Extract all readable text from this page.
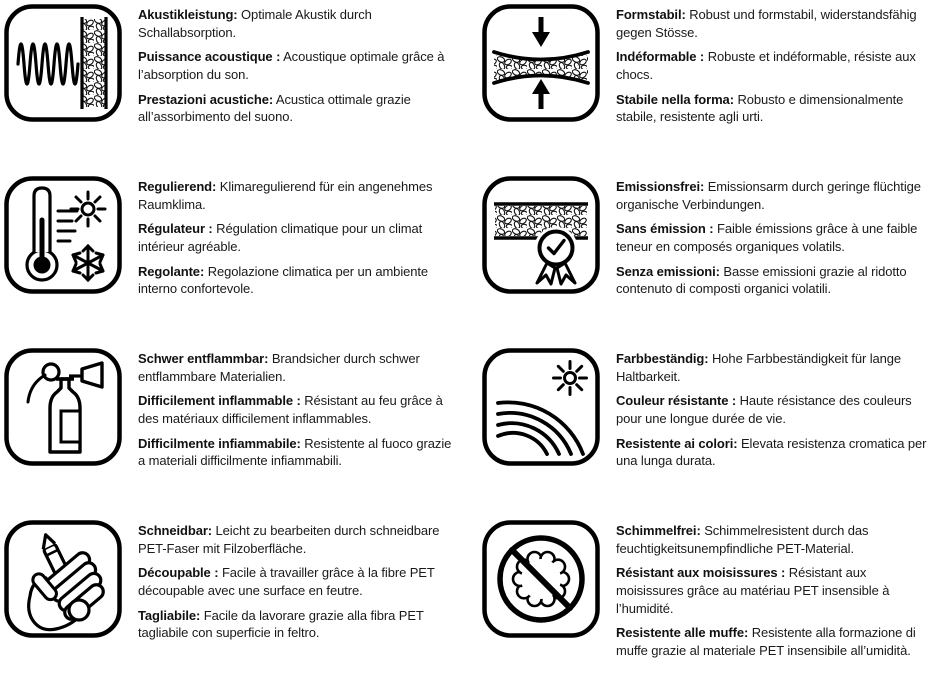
Akustikleistung: Optimale Akustik durch Schallabsorption.

Puissance acoustique : Acoustique optimale grâce à l’absorption du son.

Prestazioni acustiche: Acustica ottimale grazie all’assorbimento del suono.

Formstabil: Robust und formstabil, widerstandsfähig gegen Stösse.

Indéformable : Robuste et indéformable, résiste aux chocs.

Stabile nella forma: Robusto e dimensionalmente stabile, resistente agli urti.

Regulierend: Klimaregulierend für ein angenehmes Raumklima.

Régulateur : Régulation climatique pour un climat intérieur agréable.

Regolante: Regolazione climatica per un ambiente interno confortevole.

Emissionsfrei: Emissionsarm durch geringe flüchtige organische Verbindungen.

Sans émission : Faible émissions grâce à une faible teneur en composés organiques volatils.

Senza emissioni: Basse emissioni grazie al ridotto contenuto di composti organici volatili.

Schwer entflammbar: Brandsicher durch schwer entflammbare Materialien.

Difficilement inflammable : Résistant au feu grâce à des matériaux difficilement inflammables.

Difficilmente infiammabile: Resistente al fuoco grazie a materiali difficilmente infiammabili.

Farbbeständig: Hohe Farbbeständigkeit für lange Haltbarkeit.

Couleur résistante : Haute résistance des couleurs pour une longue durée de vie.

Resistente ai colori: Elevata resistenza cromatica per una lunga durata.

Schneidbar: Leicht zu bearbeiten durch schneidbare PET-Faser mit Filzoberfläche.

Découpable : Facile à travailler grâce à la fibre PET découpable avec une surface en feutre.

Tagliabile: Facile da lavorare grazie alla fibra PET tagliabile con superficie in feltro.

Schimmelfrei: Schimmelresistent durch das feuchtigkeitsunempfindliche PET-Material.

Résistant aux moisissures : Résistant aux moisissures grâce au matériau PET insensible à l’humidité.

Resistente alle muffe: Resistente alla formazione di muffe grazie al materiale PET insensibile all’umidità.
